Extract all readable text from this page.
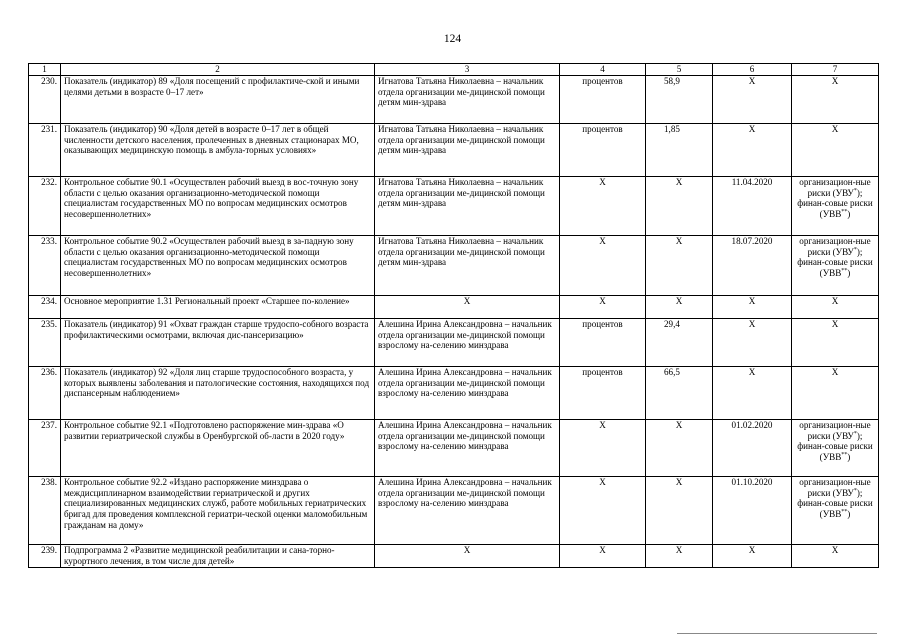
124
1	2	3	4	5	6	7
230.	Показатель (индикатор) 89 «Доля посещений с профилактиче-ской и иными целями детьми в возрасте 0–17 лет»	Игнатова Татьяна Николаевна – начальник отдела организации ме-дицинской помощи детям мин-здрава	процентов	58,9	Х	Х
231.	Показатель (индикатор) 90 «Доля детей в возрасте 0–17 лет в общей численности детского населения, пролеченных в дневных стационарах МО, оказывающих медицинскую помощь в амбула-торных условиях»	Игнатова Татьяна Николаевна – начальник отдела организации ме-дицинской помощи детям мин-здрава	процентов	1,85	Х	Х
232.	Контрольное событие 90.1 «Осуществлен рабочий выезд в вос-точную зону области с целью оказания организационно-методической помощи специалистам государственных МО по вопросам медицинских осмотров несовершеннолетних»	Игнатова Татьяна Николаевна – начальник отдела организации ме-дицинской помощи детям мин-здрава	Х	Х	11.04.2020	организацион-ные риски (УВУ*); финан-совые риски (УВВ**)
233.	Контрольное событие 90.2 «Осуществлен рабочий выезд в за-падную зону области с целью оказания организационно-методической помощи специалистам государственных МО по вопросам медицинских осмотров несовершеннолетних»	Игнатова Татьяна Николаевна – начальник отдела организации ме-дицинской помощи детям мин-здрава	Х	Х	18.07.2020	организацион-ные риски (УВУ*); финан-совые риски (УВВ**)
234.	Основное мероприятие 1.31 Региональный проект «Старшее по-коление»	Х	Х	Х	Х	Х
235.	Показатель (индикатор) 91 «Охват граждан старше трудоспо-собного возраста профилактическими осмотрами, включая дис-пансеризацию»	Алешина Ирина Александровна – начальник отдела организации ме-дицинской помощи взрослому на-селению минздрава	процентов	29,4	Х	Х
236.	Показатель (индикатор) 92 «Доля лиц старше трудоспособного возраста, у которых выявлены заболевания и патологические состояния, находящихся под диспансерным наблюдением»	Алешина Ирина Александровна – начальник отдела организации ме-дицинской помощи взрослому на-селению минздрава	процентов	66,5	Х	Х
237.	Контрольное событие 92.1 «Подготовлено распоряжение мин-здрава «О развитии гериатрической службы в Оренбургской об-ласти в 2020 году»	Алешина Ирина Александровна – начальник отдела организации ме-дицинской помощи взрослому на-селению минздрава	Х	Х	01.02.2020	организацион-ные риски (УВУ*); финан-совые риски (УВВ**)
238.	Контрольное событие 92.2 «Издано распоряжение минздрава о междисциплинарном взаимодействии гериатрической и других специализированных медицинских служб, работе мобильных гериатрических бригад для проведения комплексной гериатри-ческой оценки маломобильным гражданам на дому»	Алешина Ирина Александровна – начальник отдела организации ме-дицинской помощи взрослому на-селению минздрава	Х	Х	01.10.2020	организацион-ные риски (УВУ*); финан-совые риски (УВВ**)
239.	Подпрограмма 2 «Развитие медицинской реабилитации и сана-торно-курортного лечения, в том числе для детей»	Х	Х	Х	Х	Х
